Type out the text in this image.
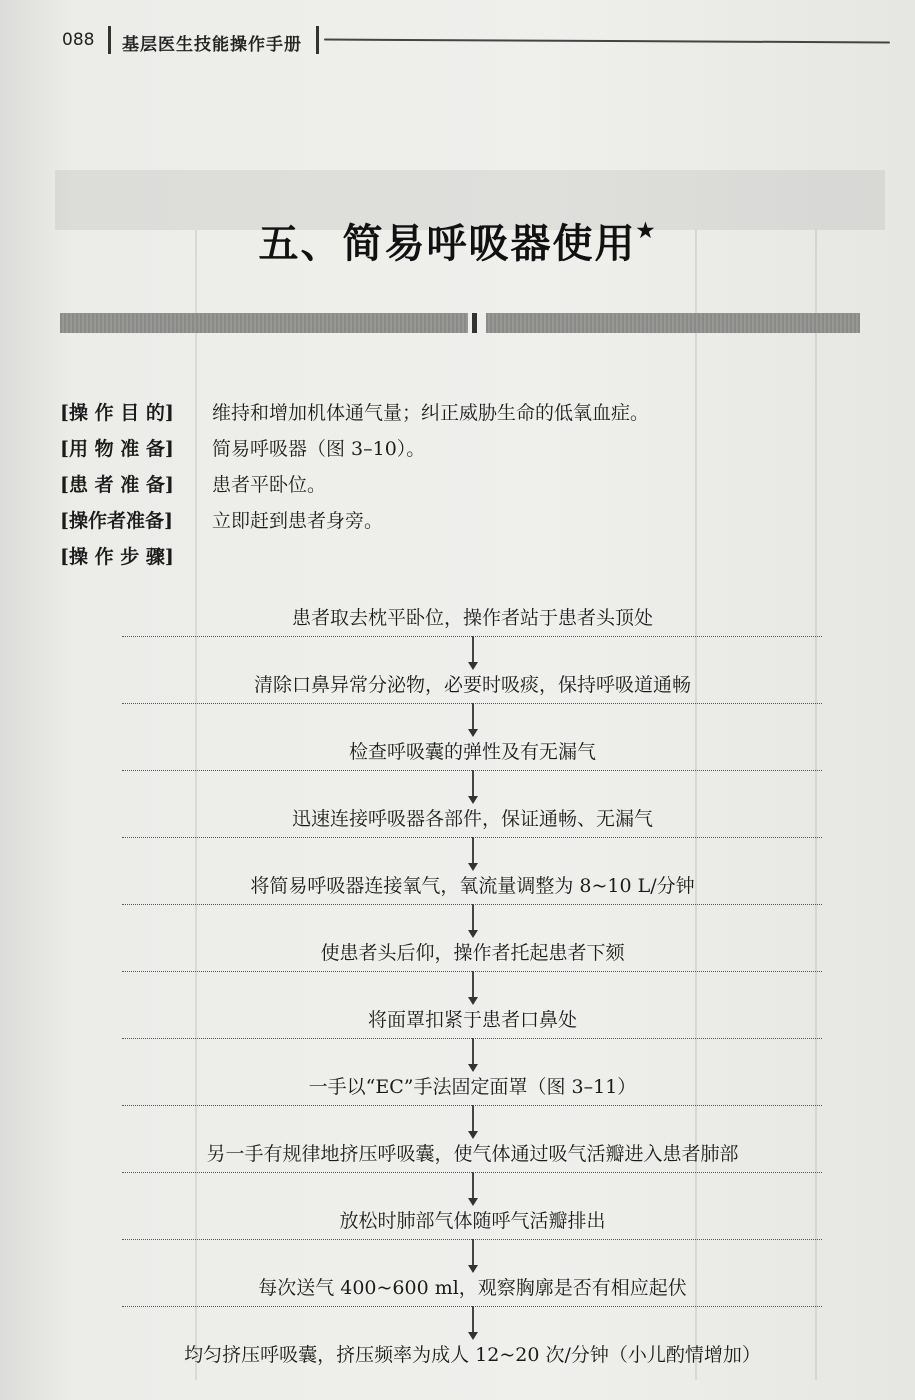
088 基层医生技能操作手册
五、简易呼吸器使用★
[操 作 目 的]	维持和增加机体通气量；纠正威胁生命的低氧血症。
[用 物 准 备]	简易呼吸器（图 3–10）。
[患 者 准 备]	患者平卧位。
[操作者准备]	立即赶到患者身旁。
[操 作 步 骤]
患者取去枕平卧位，操作者站于患者头顶处
清除口鼻异常分泌物，必要时吸痰，保持呼吸道通畅
检查呼吸囊的弹性及有无漏气
迅速连接呼吸器各部件，保证通畅、无漏气
将简易呼吸器连接氧气，氧流量调整为 8~10 L/分钟
使患者头后仰，操作者托起患者下颏
将面罩扣紧于患者口鼻处
一手以“EC”手法固定面罩（图 3–11）
另一手有规律地挤压呼吸囊，使气体通过吸气活瓣进入患者肺部
放松时肺部气体随呼气活瓣排出
每次送气 400~600 ml，观察胸廓是否有相应起伏
均匀挤压呼吸囊，挤压频率为成人 12~20 次/分钟（小儿酌情增加）
